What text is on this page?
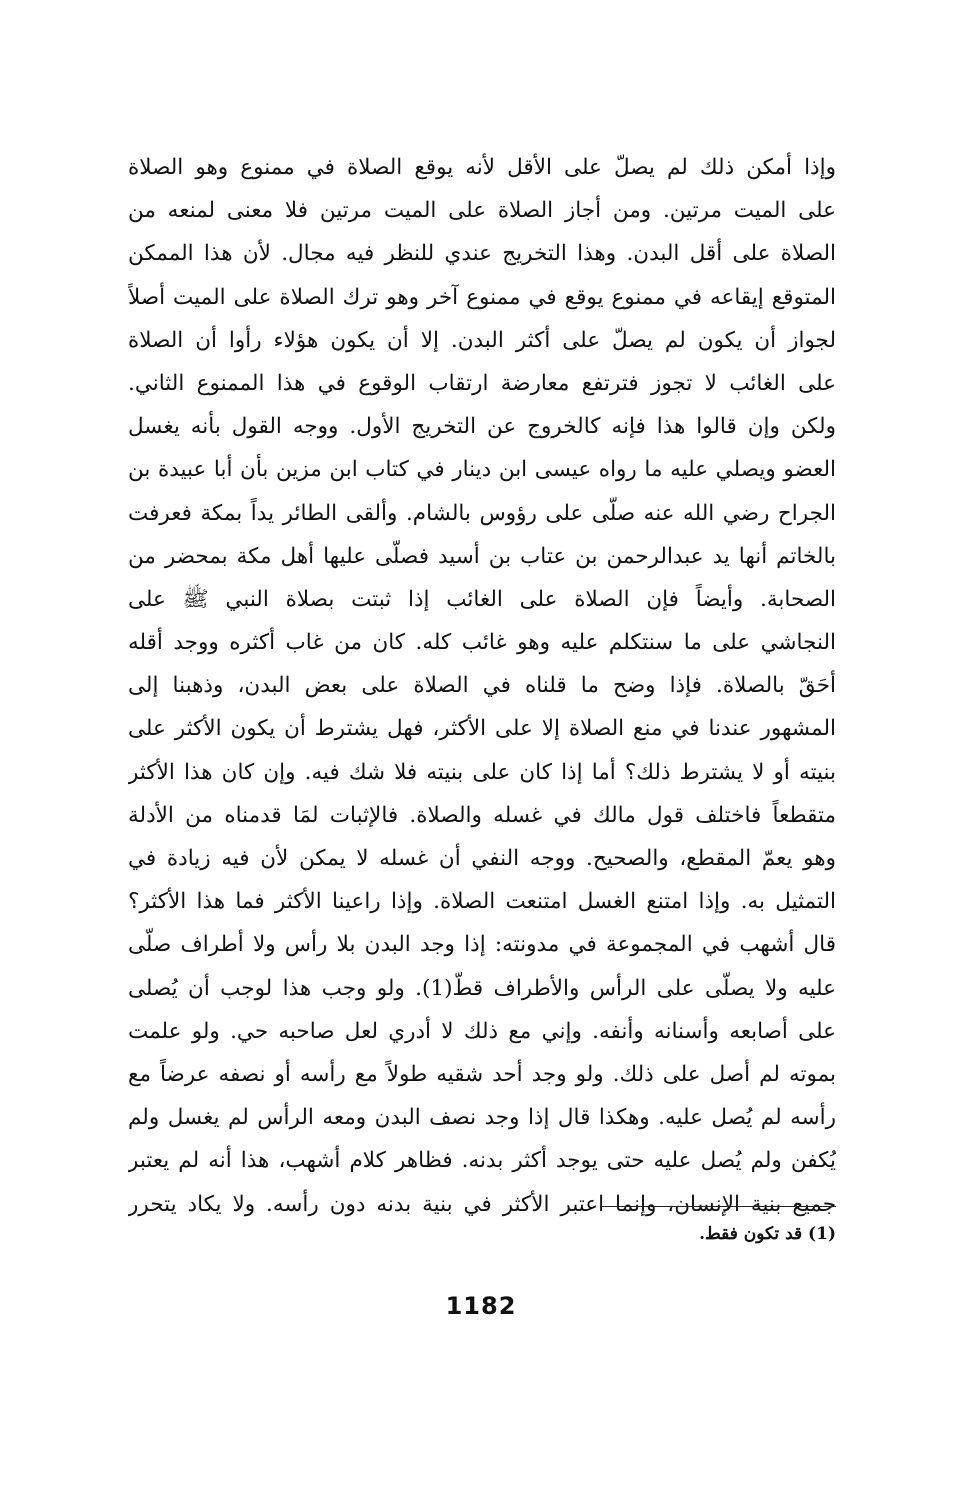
وإذا أمكن ذلك لم يصلّ على الأقل لأنه يوقع الصلاة في ممنوع وهو الصلاة
على الميت مرتين. ومن أجاز الصلاة على الميت مرتين فلا معنى لمنعه من
الصلاة على أقل البدن. وهذا التخريج عندي للنظر فيه مجال. لأن هذا الممكن
المتوقع إيقاعه في ممنوع يوقع في ممنوع آخر وهو ترك الصلاة على الميت أصلاً
لجواز أن يكون لم يصلّ على أكثر البدن. إلا أن يكون هؤلاء رأوا أن الصلاة
على الغائب لا تجوز فترتفع معارضة ارتقاب الوقوع في هذا الممنوع الثاني.
ولكن وإن قالوا هذا فإنه كالخروج عن التخريج الأول. ووجه القول بأنه يغسل
العضو ويصلي عليه ما رواه عيسى ابن دينار في كتاب ابن مزين بأن أبا عبيدة بن
الجراح رضي الله عنه صلّى على رؤوس بالشام. وألقى الطائر يداً بمكة فعرفت
بالخاتم أنها يد عبدالرحمن بن عتاب بن أسيد فصلّى عليها أهل مكة بمحضر من
الصحابة. وأيضاً فإن الصلاة على الغائب إذا ثبتت بصلاة النبي ﷺ على
النجاشي على ما سنتكلم عليه وهو غائب كله. كان من غاب أكثره ووجد أقله
أحَقّ بالصلاة. فإذا وضح ما قلناه في الصلاة على بعض البدن، وذهبنا إلى
المشهور عندنا في منع الصلاة إلا على الأكثر، فهل يشترط أن يكون الأكثر على
بنيته أو لا يشترط ذلك؟ أما إذا كان على بنيته فلا شك فيه. وإن كان هذا الأكثر
متقطعاً فاختلف قول مالك في غسله والصلاة. فالإثبات لمَا قدمناه من الأدلة
وهو يعمّ المقطع، والصحيح. ووجه النفي أن غسله لا يمكن لأن فيه زيادة في
التمثيل به. وإذا امتنع الغسل امتنعت الصلاة. وإذا راعينا الأكثر فما هذا الأكثر؟
قال أشهب في المجموعة في مدونته: إذا وجد البدن بلا رأس ولا أطراف صلّى
عليه ولا يصلّى على الرأس والأطراف قطّ(1). ولو وجب هذا لوجب أن يُصلى
على أصابعه وأسنانه وأنفه. وإني مع ذلك لا أدري لعل صاحبه حي. ولو علمت
بموته لم أصل على ذلك. ولو وجد أحد شقيه طولاً مع رأسه أو نصفه عرضاً مع
رأسه لم يُصل عليه. وهكذا قال إذا وجد نصف البدن ومعه الرأس لم يغسل ولم
يُكفن ولم يُصل عليه حتى يوجد أكثر بدنه. فظاهر كلام أشهب، هذا أنه لم يعتبر
جميع بنية الإنسان، وإنما اعتبر الأكثر في بنية بدنه دون رأسه. ولا يكاد يتحرر
(1) قد تكون فقط.
1182
